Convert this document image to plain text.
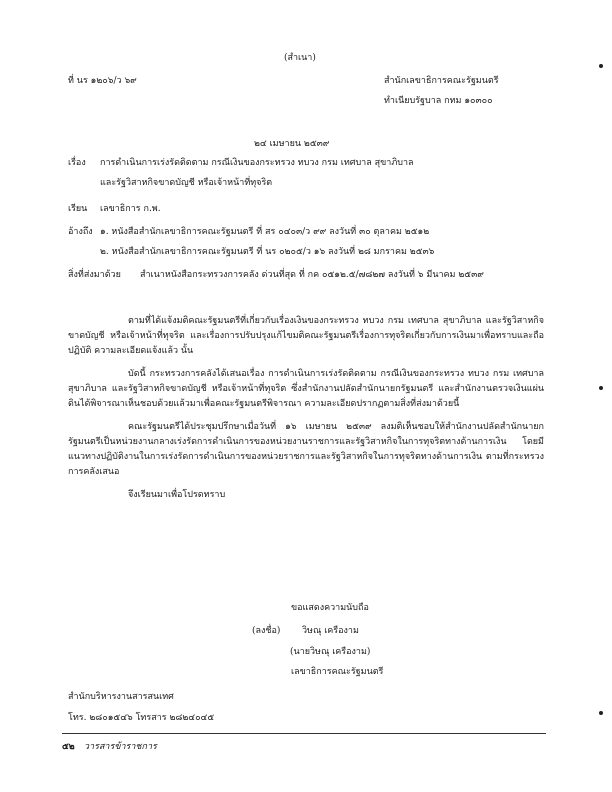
(สำเนา)
ที่ นร ๑๒๐๖/ว ๖๙	สำนักเลขาธิการคณะรัฐมนตรี
ทำเนียบรัฐบาล กทม ๑๐๓๐๐
๒๔ เมษายน ๒๕๓๙
เรื่อง การดำเนินการเร่งรัดติดตาม กรณีเงินของกระทรวง ทบวง กรม เทศบาล สุขาภิบาล
และรัฐวิสาหกิจขาดบัญชี หรือเจ้าหน้าที่ทุจริต
เรียน เลขาธิการ ก.พ.
อ้างถึง ๑. หนังสือสำนักเลขาธิการคณะรัฐมนตรี ที่ สร ๐๔๐๓/ว ๙๙ ลงวันที่ ๓๐ ตุลาคม ๒๕๑๒
๒. หนังสือสำนักเลขาธิการคณะรัฐมนตรี ที่ นร ๐๒๐๕/ว ๑๖ ลงวันที่ ๒๘ มกราคม ๒๕๓๖
สิ่งที่ส่งมาด้วย สำเนาหนังสือกระทรวงการคลัง ด่วนที่สุด ที่ กค ๐๕๑๒.๕/๗๘๒๗ ลงวันที่ ๖ มีนาคม ๒๕๓๙

ตามที่ได้แจ้งมติคณะรัฐมนตรีที่เกี่ยวกับเรื่องเงินของกระทรวง ทบวง กรม เทศบาล สุขาภิบาล และรัฐวิสาหกิจขาดบัญชี หรือเจ้าหน้าที่ทุจริต และเรื่องการปรับปรุงแก้ไขมติคณะรัฐมนตรีเรื่องการทุจริตเกี่ยวกับการเงินมาเพื่อทราบและถือปฏิบัติ ความละเอียดแจ้งแล้ว นั้น

บัดนี้ กระทรวงการคลังได้เสนอเรื่อง การดำเนินการเร่งรัดติดตาม กรณีเงินของกระทรวง ทบวง กรม เทศบาล สุขาภิบาล และรัฐวิสาหกิจขาดบัญชี หรือเจ้าหน้าที่ทุจริต ซึ่งสำนักงานปลัดสำนักนายกรัฐมนตรี และสำนักงานตรวจเงินแผ่นดินได้พิจารณาเห็นชอบด้วยแล้วมาเพื่อคณะรัฐมนตรีพิจารณา ความละเอียดปรากฏตามสิ่งที่ส่งมาด้วยนี้

คณะรัฐมนตรีได้ประชุมปรึกษาเมื่อวันที่ ๑๖ เมษายน ๒๕๓๙ ลงมติเห็นชอบให้สำนักงานปลัดสำนักนายกรัฐมนตรีเป็นหน่วยงานกลางเร่งรัดการดำเนินการของหน่วยงานราชการและรัฐวิสาหกิจในการทุจริตทางด้านการเงิน โดยมีแนวทางปฏิบัติงานในการเร่งรัดการดำเนินการของหน่วยราชการและรัฐวิสาหกิจในการทุจริตทางด้านการเงิน ตามที่กระทรวงการคลังเสนอ

จึงเรียนมาเพื่อโปรดทราบ

ขอแสดงความนับถือ
(ลงชื่อ) วิษณุ เครืองาม
(นายวิษณุ เครืองาม)
เลขาธิการคณะรัฐมนตรี
สำนักบริหารงานสารสนเทศ
โทร. ๒๘๐๑๕๔๖ โทรสาร ๒๘๒๔๐๔๕
๕๒ วารสารข้าราชการ
